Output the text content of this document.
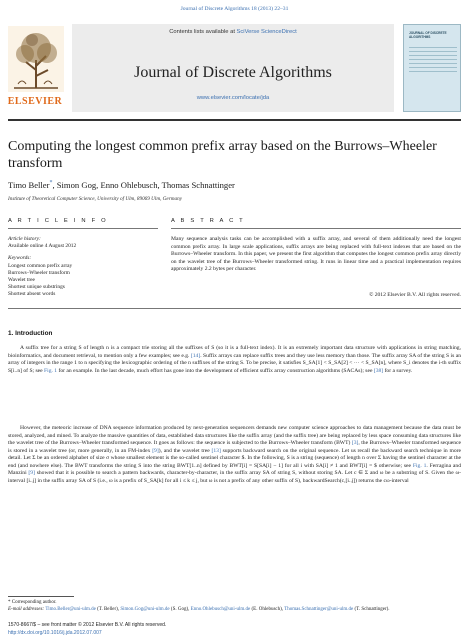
Journal of Discrete Algorithms 18 (2013) 22–31
ELSEVIER
Contents lists available at SciVerse ScienceDirect
Journal of Discrete Algorithms
www.elsevier.com/locate/jda
JOURNAL OF DISCRETE ALGORITHMS
Computing the longest common prefix array based on the Burrows–Wheeler transform
Timo Beller*, Simon Gog, Enno Ohlebusch, Thomas Schnattinger
Institute of Theoretical Computer Science, University of Ulm, 89069 Ulm, Germany
A R T I C L E I N F O	A B S T R A C T
Article history:
Available online 4 August 2012
Keywords:
Longest common prefix array
Burrows–Wheeler transform
Wavelet tree
Shortest unique substrings
Shortest absent words
Many sequence analysis tasks can be accomplished with a suffix array, and several of them additionally need the longest common prefix array. In large scale applications, suffix arrays are being replaced with full-text indexes that are based on the Burrows–Wheeler transform. In this paper, we present the first algorithm that computes the longest common prefix array directly on the wavelet tree of the Burrows–Wheeler transformed string. It runs in linear time and a practical implementation requires approximately 2.2 bytes per character.
© 2012 Elsevier B.V. All rights reserved.
1. Introduction
A suffix tree for a string S of length n is a compact trie storing all the suffixes of S (so it is a full-text index). It is an extremely important data structure with applications in string matching, bioinformatics, and document retrieval, to mention only a few examples; see e.g. [14]. Suffix arrays can replace suffix trees and they use less memory than those. The suffix array SA of the string S is an array of integers in the range 1 to n specifying the lexicographic ordering of the n suffixes of the string S. To be precise, it satisfies S_SA[1] < S_SA[2] < ··· < S_SA[n], where S_i denotes the i-th suffix S[i..n] of S; see Fig. 1 for an example. In the last decade, much effort has gone into the development of efficient suffix array construction algorithms (SACAs); see [38] for a survey.
However, the meteoric increase of DNA sequence information produced by next-generation sequencers demands new computer science approaches to data management because the data must be stored, analyzed, and mined. To analyze the massive quantities of data, established data structures like the suffix array (and the suffix tree) are being replaced by less space consuming data structures like the wavelet tree of the Burrows–Wheeler transformed sequence. It goes as follows: the sequence is subjected to the Burrows–Wheeler transform (BWT) [3], the Burrows–Wheeler transformed sequence is stored in a wavelet tree (or, more generally, in an FM-index [9]), and the wavelet tree [13] supports backward search on the original sequence. Let us recall the backward search technique in more detail. Let Σ be an ordered alphabet of size σ whose smallest element is the so-called sentinel character $. In the following, S is a string (sequence) of length n over Σ having the sentinel character at the end (and nowhere else). The BWT transforms the string S into the string BWT[1..n] defined by BWT[i] = S[SA[i] − 1] for all i with SA[i] ≠ 1 and BWT[i] = $ otherwise; see Fig. 1. Ferragina and Manzini [9] showed that it is possible to search a pattern backwards, character-by-character, in the suffix array SA of string S, without storing SA. Let c ∈ Σ and ω be a substring of S. Given the ω-interval [i..j] in the suffix array SA of S (i.e., ω is a prefix of S_SA[k] for all i ≤ k ≤ j, but ω is not a prefix of any other suffix of S), backwardSearch(c,[i..j]) returns the cω-interval
* Corresponding author.
E-mail addresses: Timo.Beller@uni-ulm.de (T. Beller), Simon.Gog@uni-ulm.de (S. Gog), Enno.Ohlebusch@uni-ulm.de (E. Ohlebusch), Thomas.Schnattinger@uni-ulm.de (T. Schnattinger).
1570-8667/$ – see front matter © 2012 Elsevier B.V. All rights reserved.
http://dx.doi.org/10.1016/j.jda.2012.07.007
